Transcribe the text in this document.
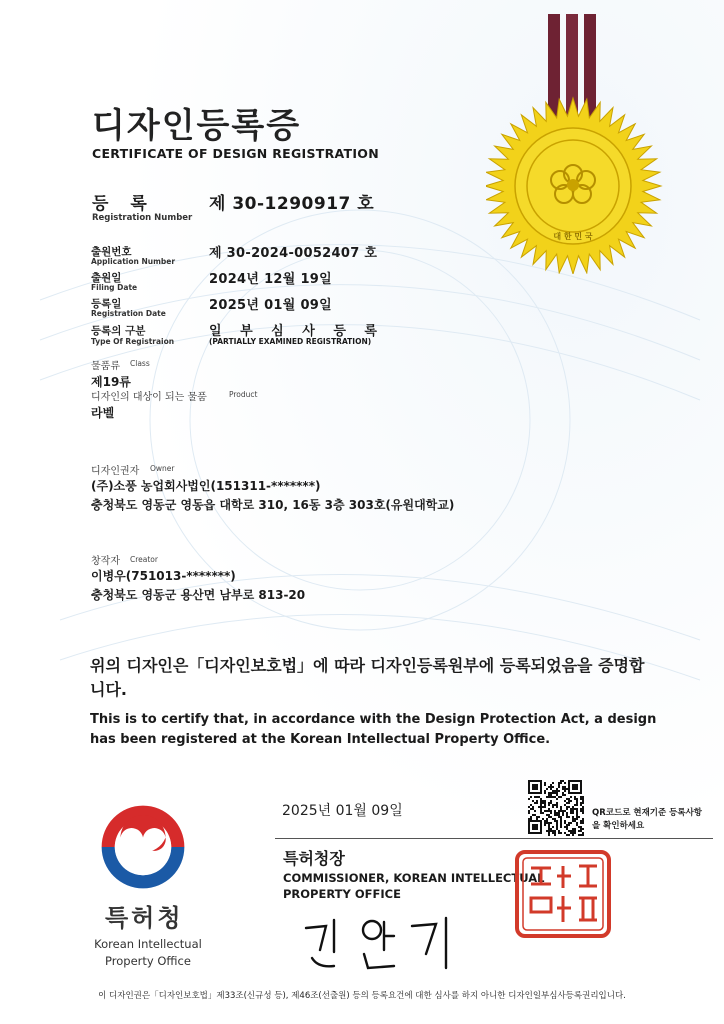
대 한 민 국
디자인등록증
CERTIFICATE OF DESIGN REGISTRATION
등 록
Registration Number
제 30-1290917 호
출원번호
Application Number
제 30-2024-0052407 호
출원일
Filing Date
2024년 12월 19일
등록일
Registration Date
2025년 01월 09일
등록의 구분
Type Of Registraion
일 부 심 사 등 록
(PARTIALLY EXAMINED REGISTRATION)
물품류 Class
제19류
디자인의 대상이 되는 물품	Product
라벨
디자인권자 Owner
(주)소풍 농업회사법인(151311-*******)
충청북도 영동군 영동읍 대학로 310, 16동 3층 303호(유원대학교)
창작자 Creator
이병우(751013-*******)
충청북도 영동군 용산면 남부로 813-20
위의 디자인은「디자인보호법」에 따라 디자인등록원부에 등록되었음을 증명합니다.
This is to certify that, in accordance with the Design Protection Act, a design has been registered at the Korean Intellectual Property Office.
특허청
Korean Intellectual Property Office
2025년 01월 09일
특허청장
COMMISSIONER, KOREAN INTELLECTUAL PROPERTY OFFICE
QR코드로 현재기준 등록사항을 확인하세요
이 디자인권은「디자인보호법」제33조(신규성 등), 제46조(선출원) 등의 등록요건에 대한 심사를 하지 아니한 디자인일부심사등록권리입니다.
